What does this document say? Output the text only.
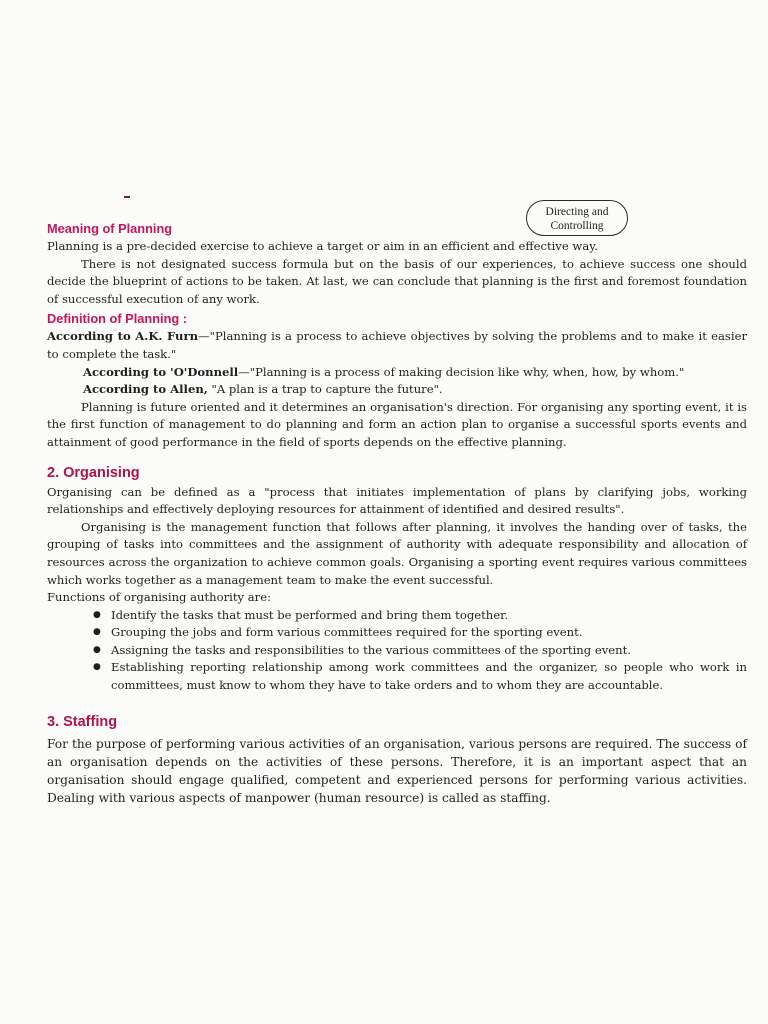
Directing and
Controlling
Meaning of Planning

Planning is a pre-decided exercise to achieve a target or aim in an efficient and effective way.

There is not designated success formula but on the basis of our experiences, to achieve success one should decide the blueprint of actions to be taken. At last, we can conclude that planning is the first and foremost foundation of successful execution of any work.

Definition of Planning :

According to A.K. Furn—"Planning is a process to achieve objectives by solving the problems and to make it easier to complete the task."

According to 'O'Donnell—"Planning is a process of making decision like why, when, how, by whom."

According to Allen, "A plan is a trap to capture the future".

Planning is future oriented and it determines an organisation's direction. For organising any sporting event, it is the first function of management to do planning and form an action plan to organise a successful sports events and attainment of good performance in the field of sports depends on the effective planning.

2. Organising

Organising can be defined as a "process that initiates implementation of plans by clarifying jobs, working relationships and effectively deploying resources for attainment of identified and desired results".

Organising is the management function that follows after planning, it involves the handing over of tasks, the grouping of tasks into committees and the assignment of authority with adequate responsibility and allocation of resources across the organization to achieve common goals. Organising a sporting event requires various committees which works together as a management team to make the event successful.

Functions of organising authority are:

● Identify the tasks that must be performed and bring them together.
● Grouping the jobs and form various committees required for the sporting event.
● Assigning the tasks and responsibilities to the various committees of the sporting event.
● Establishing reporting relationship among work committees and the organizer, so people who work in committees, must know to whom they have to take orders and to whom they are accountable.
3. Staffing

For the purpose of performing various activities of an organisation, various persons are required. The success of an organisation depends on the activities of these persons. Therefore, it is an important aspect that an organisation should engage qualified, competent and experienced persons for performing various activities. Dealing with various aspects of manpower (human resource) is called as staffing.
